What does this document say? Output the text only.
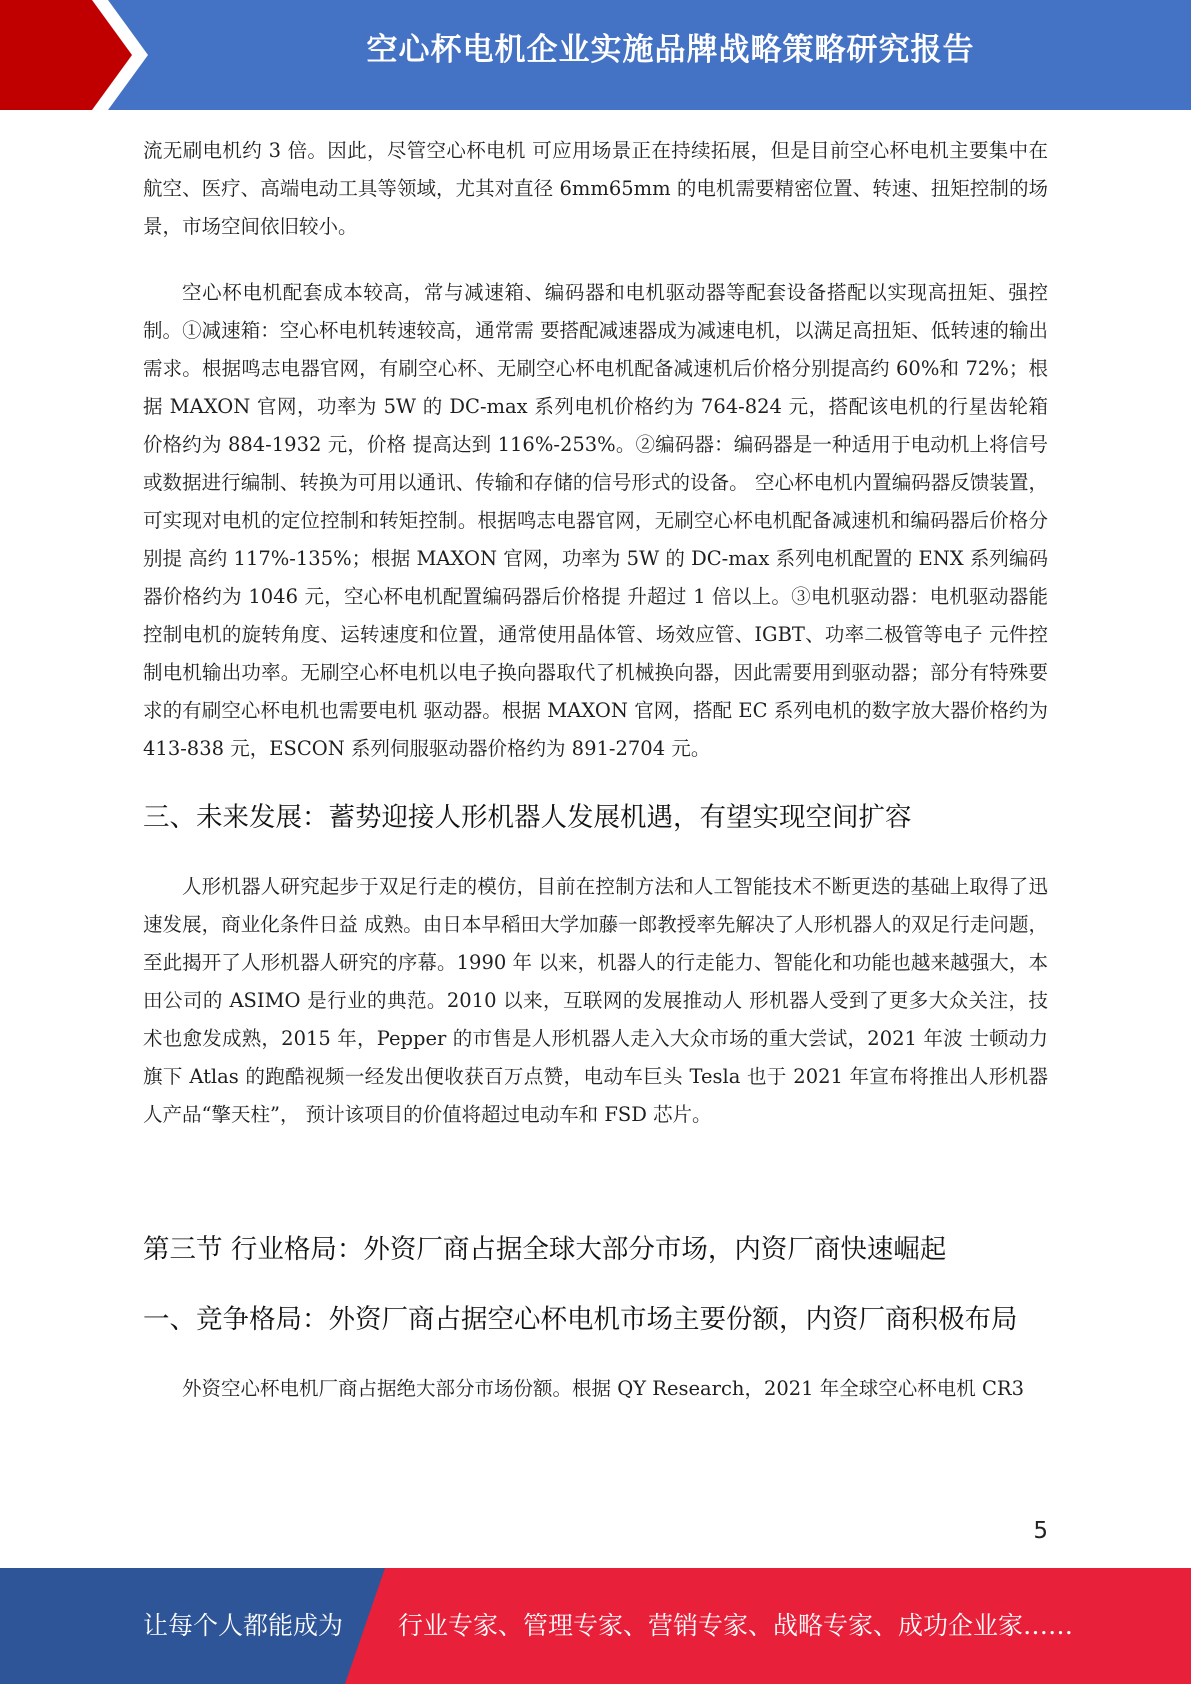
空心杯电机企业实施品牌战略策略研究报告

流无刷电机约 3 倍。因此，尽管空心杯电机 可应用场景正在持续拓展，但是目前空心杯电机主要集中在航空、医疗、高端电动工具等领域，尤其对直径 6mm65mm 的电机需要精密位置、转速、扭矩控制的场景，市场空间依旧较小。

空心杯电机配套成本较高，常与减速箱、编码器和电机驱动器等配套设备搭配以实现高扭矩、强控制。①减速箱：空心杯电机转速较高，通常需 要搭配减速器成为减速电机，以满足高扭矩、低转速的输出需求。根据鸣志电器官网，有刷空心杯、无刷空心杯电机配备减速机后价格分别提高约 60%和 72%；根据 MAXON 官网，功率为 5W 的 DC-max 系列电机价格约为 764-824 元，搭配该电机的行星齿轮箱价格约为 884-1932 元，价格 提高达到 116%-253%。②编码器：编码器是一种适用于电动机上将信号或数据进行编制、转换为可用以通讯、传输和存储的信号形式的设备。 空心杯电机内置编码器反馈装置，可实现对电机的定位控制和转矩控制。根据鸣志电器官网，无刷空心杯电机配备减速机和编码器后价格分别提 高约 117%-135%；根据 MAXON 官网，功率为 5W 的 DC-max 系列电机配置的 ENX 系列编码器价格约为 1046 元，空心杯电机配置编码器后价格提 升超过 1 倍以上。③电机驱动器：电机驱动器能控制电机的旋转角度、运转速度和位置，通常使用晶体管、场效应管、IGBT、功率二极管等电子 元件控制电机输出功率。无刷空心杯电机以电子换向器取代了机械换向器，因此需要用到驱动器；部分有特殊要求的有刷空心杯电机也需要电机 驱动器。根据 MAXON 官网，搭配 EC 系列电机的数字放大器价格约为 413-838 元，ESCON 系列伺服驱动器价格约为 891-2704 元。

三、未来发展：蓄势迎接人形机器人发展机遇，有望实现空间扩容

人形机器人研究起步于双足行走的模仿，目前在控制方法和人工智能技术不断更迭的基础上取得了迅速发展，商业化条件日益 成熟。由日本早稻田大学加藤一郎教授率先解决了人形机器人的双足行走问题，至此揭开了人形机器人研究的序幕。1990 年 以来，机器人的行走能力、智能化和功能也越来越强大，本田公司的 ASIMO 是行业的典范。2010 以来，互联网的发展推动人 形机器人受到了更多大众关注，技术也愈发成熟，2015 年，Pepper 的市售是人形机器人走入大众市场的重大尝试，2021 年波 士顿动力旗下 Atlas 的跑酷视频一经发出便收获百万点赞，电动车巨头 Tesla 也于 2021 年宣布将推出人形机器人产品“擎天柱”， 预计该项目的价值将超过电动车和 FSD 芯片。

第三节 行业格局：外资厂商占据全球大部分市场，内资厂商快速崛起
一、竞争格局：外资厂商占据空心杯电机市场主要份额，内资厂商积极布局

外资空心杯电机厂商占据绝大部分市场份额。根据 QY Research，2021 年全球空心杯电机 CR3

5
让每个人都能成为 行业专家、管理专家、营销专家、战略专家、成功企业家……
